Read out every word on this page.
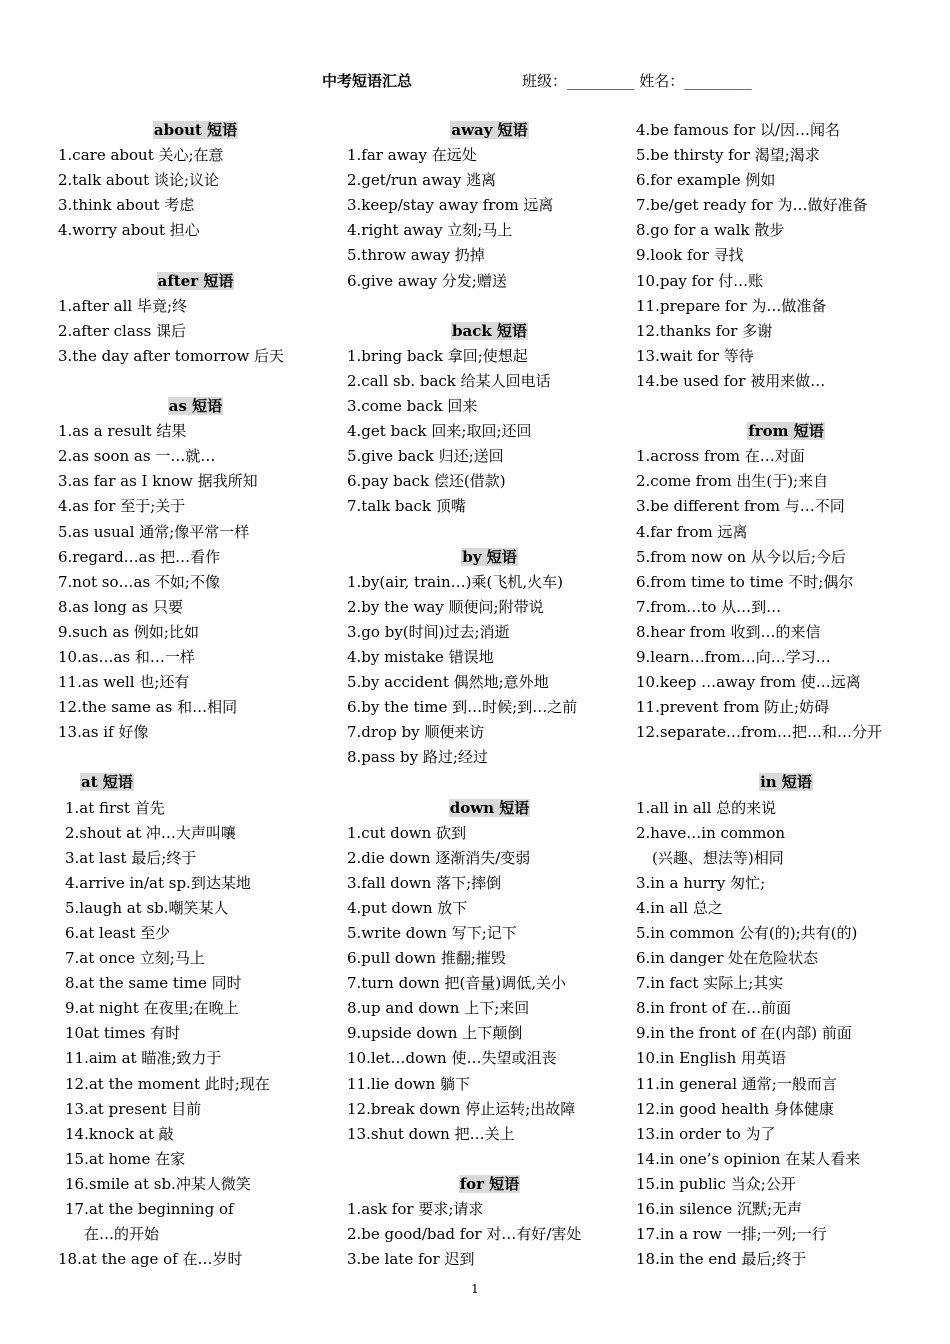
中考短语汇总	班级：_________ 姓名：_________
about 短语
1.care about 关心;在意
2.talk about 谈论;议论
3.think about 考虑
4.worry about 担心
after 短语
1.after all 毕竟;终
2.after class 课后
3.the day after tomorrow 后天
as 短语
1.as a result 结果
2.as soon as 一…就…
3.as far as I know 据我所知
4.as for 至于;关于
5.as usual 通常;像平常一样
6.regard…as 把…看作
7.not so…as 不如;不像
8.as long as 只要
9.such as 例如;比如
10.as…as 和…一样
11.as well 也;还有
12.the same as 和…相同
13.as if 好像
at 短语
1.at first 首先
2.shout at 冲…大声叫嚷
3.at last 最后;终于
4.arrive in/at sp.到达某地
5.laugh at sb.嘲笑某人
6.at least 至少
7.at once 立刻;马上
8.at the same time 同时
9.at night 在夜里;在晚上
10at times 有时
11.aim at 瞄准;致力于
12.at the moment 此时;现在
13.at present 目前
14.knock at 敲
15.at home 在家
16.smile at sb.冲某人微笑
17.at the beginning of
在…的开始
18.at the age of 在…岁时
away 短语
1.far away 在远处
2.get/run away 逃离
3.keep/stay away from 远离
4.right away 立刻;马上
5.throw away 扔掉
6.give away 分发;赠送
back 短语
1.bring back 拿回;使想起
2.call sb. back 给某人回电话
3.come back 回来
4.get back 回来;取回;还回
5.give back 归还;送回
6.pay back 偿还(借款)
7.talk back 顶嘴
by 短语
1.by(air, train…)乘(飞机,火车)
2.by the way 顺便问;附带说
3.go by(时间)过去;消逝
4.by mistake 错误地
5.by accident 偶然地;意外地
6.by the time 到…时候;到…之前
7.drop by 顺便来访
8.pass by 路过;经过
down 短语
1.cut down 砍到
2.die down 逐渐消失/变弱
3.fall down 落下;摔倒
4.put down 放下
5.write down 写下;记下
6.pull down 推翻;摧毁
7.turn down 把(音量)调低,关小
8.up and down 上下;来回
9.upside down 上下颠倒
10.let…down 使…失望或沮丧
11.lie down 躺下
12.break down 停止运转;出故障
13.shut down 把…关上
for 短语
1.ask for 要求;请求
2.be good/bad for 对…有好/害处
3.be late for 迟到
4.be famous for 以/因…闻名
5.be thirsty for 渴望;渴求
6.for example 例如
7.be/get ready for 为…做好准备
8.go for a walk 散步
9.look for 寻找
10.pay for 付…账
11.prepare for 为…做准备
12.thanks for 多谢
13.wait for 等待
14.be used for 被用来做…
from 短语
1.across from 在…对面
2.come from 出生(于);来自
3.be different from 与…不同
4.far from 远离
5.from now on 从今以后;今后
6.from time to time 不时;偶尔
7.from…to 从…到…
8.hear from 收到…的来信
9.learn…from…向…学习…
10.keep …away from 使…远离
11.prevent from 防止;妨碍
12.separate…from…把…和…分开
in 短语
1.all in all 总的来说
2.have…in common
(兴趣、想法等)相同
3.in a hurry 匆忙;
4.in all 总之
5.in common 公有(的);共有(的)
6.in danger 处在危险状态
7.in fact 实际上;其实
8.in front of 在…前面
9.in the front of 在(内部) 前面
10.in English 用英语
11.in general 通常;一般而言
12.in good health 身体健康
13.in order to 为了
14.in one’s opinion 在某人看来
15.in public 当众;公开
16.in silence 沉默;无声
17.in a row 一排;一列;一行
18.in the end 最后;终于
1
